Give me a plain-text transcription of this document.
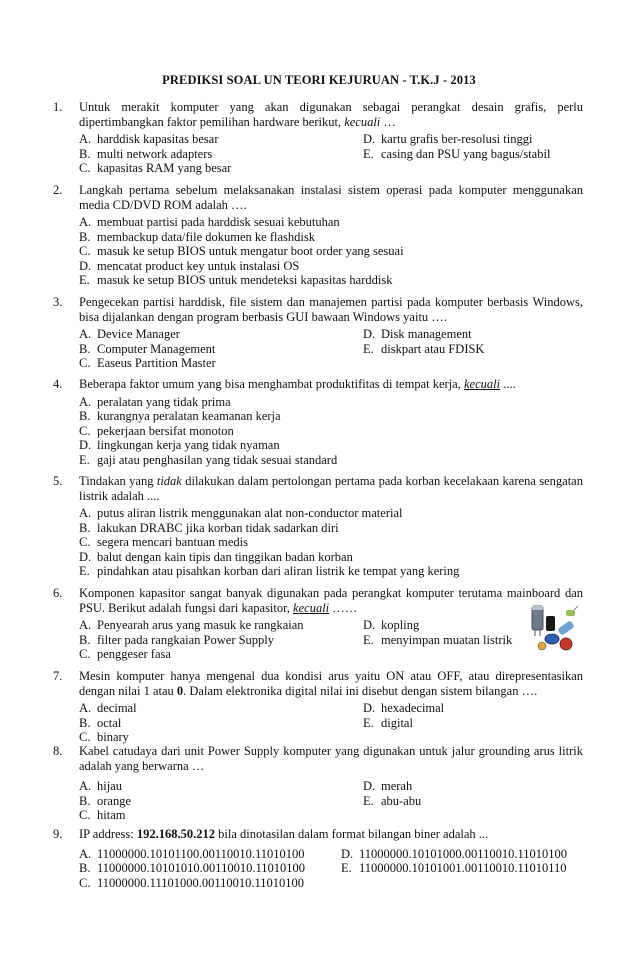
PREDIKSI SOAL UN TEORI KEJURUAN - T.K.J - 2013
1.	Untuk merakit komputer yang akan digunakan sebagai perangkat desain grafis, perlu dipertimbangkan faktor pemilihan hardware berikut, kecuali …
A. harddisk kapasitas besar	D. kartu grafis ber-resolusi tinggi
B. multi network adapters	E. casing dan PSU yang bagus/stabil
C. kapasitas RAM yang besar
2.	Langkah pertama sebelum melaksanakan instalasi sistem operasi pada komputer menggunakan media CD/DVD ROM adalah ….
A. membuat partisi pada harddisk sesuai kebutuhan
B. membackup data/file dokumen ke flashdisk
C. masuk ke setup BIOS untuk mengatur boot order yang sesuai
D. mencatat product key untuk instalasi OS
E. masuk ke setup BIOS untuk mendeteksi kapasitas harddisk
3.	Pengecekan partisi harddisk, file sistem dan manajemen partisi pada komputer berbasis Windows, bisa dijalankan dengan program berbasis GUI bawaan Windows yaitu ….
A. Device Manager	D. Disk management
B. Computer Management	E. diskpart atau FDISK
C. Easeus Partition Master
4.	Beberapa faktor umum yang bisa menghambat produktifitas di tempat kerja, kecuali ....
A. peralatan yang tidak prima
B. kurangnya peralatan keamanan kerja
C. pekerjaan bersifat monoton
D. lingkungan kerja yang tidak nyaman
E. gaji atau penghasilan yang tidak sesuai standard
5.	Tindakan yang tidak dilakukan dalam pertolongan pertama pada korban kecelakaan karena sengatan listrik adalah ....
A. putus aliran listrik menggunakan alat non-conductor material
B. lakukan DRABC jika korban tidak sadarkan diri
C. segera mencari bantuan medis
D. balut dengan kain tipis dan tinggikan badan korban
E. pindahkan atau pisahkan korban dari aliran listrik ke tempat yang kering
6.	Komponen kapasitor sangat banyak digunakan pada perangkat komputer terutama mainboard dan PSU. Berikut adalah fungsi dari kapasitor, kecuali ……
A. Penyearah arus yang masuk ke rangkaian	D. kopling
B. filter pada rangkaian Power Supply	E. menyimpan muatan listrik
C. penggeser fasa
7.	Mesin komputer hanya mengenal dua kondisi arus yaitu ON atau OFF, atau direpresentasikan dengan nilai 1 atau 0. Dalam elektronika digital nilai ini disebut dengan sistem bilangan ….
A. decimal	D. hexadecimal
B. octal	E. digital
C. binary
8.	Kabel catudaya dari unit Power Supply komputer yang digunakan untuk jalur grounding arus litrik adalah yang berwarna …
A. hijau	D. merah
B. orange	E. abu-abu
C. hitam
9.	IP address: 192.168.50.212 bila dinotasilan dalam format bilangan biner adalah ...
A. 11000000.10101100.00110010.11010100	D. 11000000.10101000.00110010.11010100
B. 11000000.10101010.00110010.11010100	E. 11000000.10101001.00110010.11010110
C. 11000000.11101000.00110010.11010100
